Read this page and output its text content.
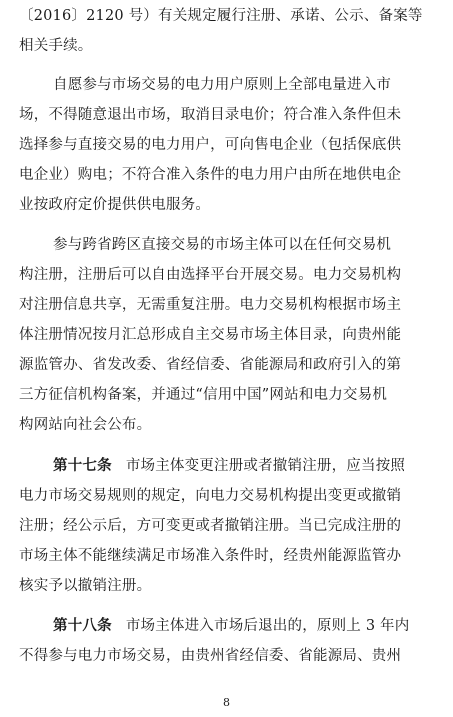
〔2016〕2120 号）有关规定履行注册、承诺、公示、备案等
相关手续。
自愿参与市场交易的电力用户原则上全部电量进入市
场，不得随意退出市场，取消目录电价；符合准入条件但未
选择参与直接交易的电力用户，可向售电企业（包括保底供
电企业）购电；不符合准入条件的电力用户由所在地供电企
业按政府定价提供供电服务。
参与跨省跨区直接交易的市场主体可以在任何交易机
构注册，注册后可以自由选择平台开展交易。电力交易机构
对注册信息共享，无需重复注册。电力交易机构根据市场主
体注册情况按月汇总形成自主交易市场主体目录，向贵州能
源监管办、省发改委、省经信委、省能源局和政府引入的第
三方征信机构备案，并通过“信用中国”网站和电力交易机
构网站向社会公布。
第十七条 市场主体变更注册或者撤销注册，应当按照
电力市场交易规则的规定，向电力交易机构提出变更或撤销
注册；经公示后，方可变更或者撤销注册。当已完成注册的
市场主体不能继续满足市场准入条件时，经贵州能源监管办
核实予以撤销注册。
第十八条 市场主体进入市场后退出的，原则上 3 年内
不得参与电力市场交易，由贵州省经信委、省能源局、贵州
8
